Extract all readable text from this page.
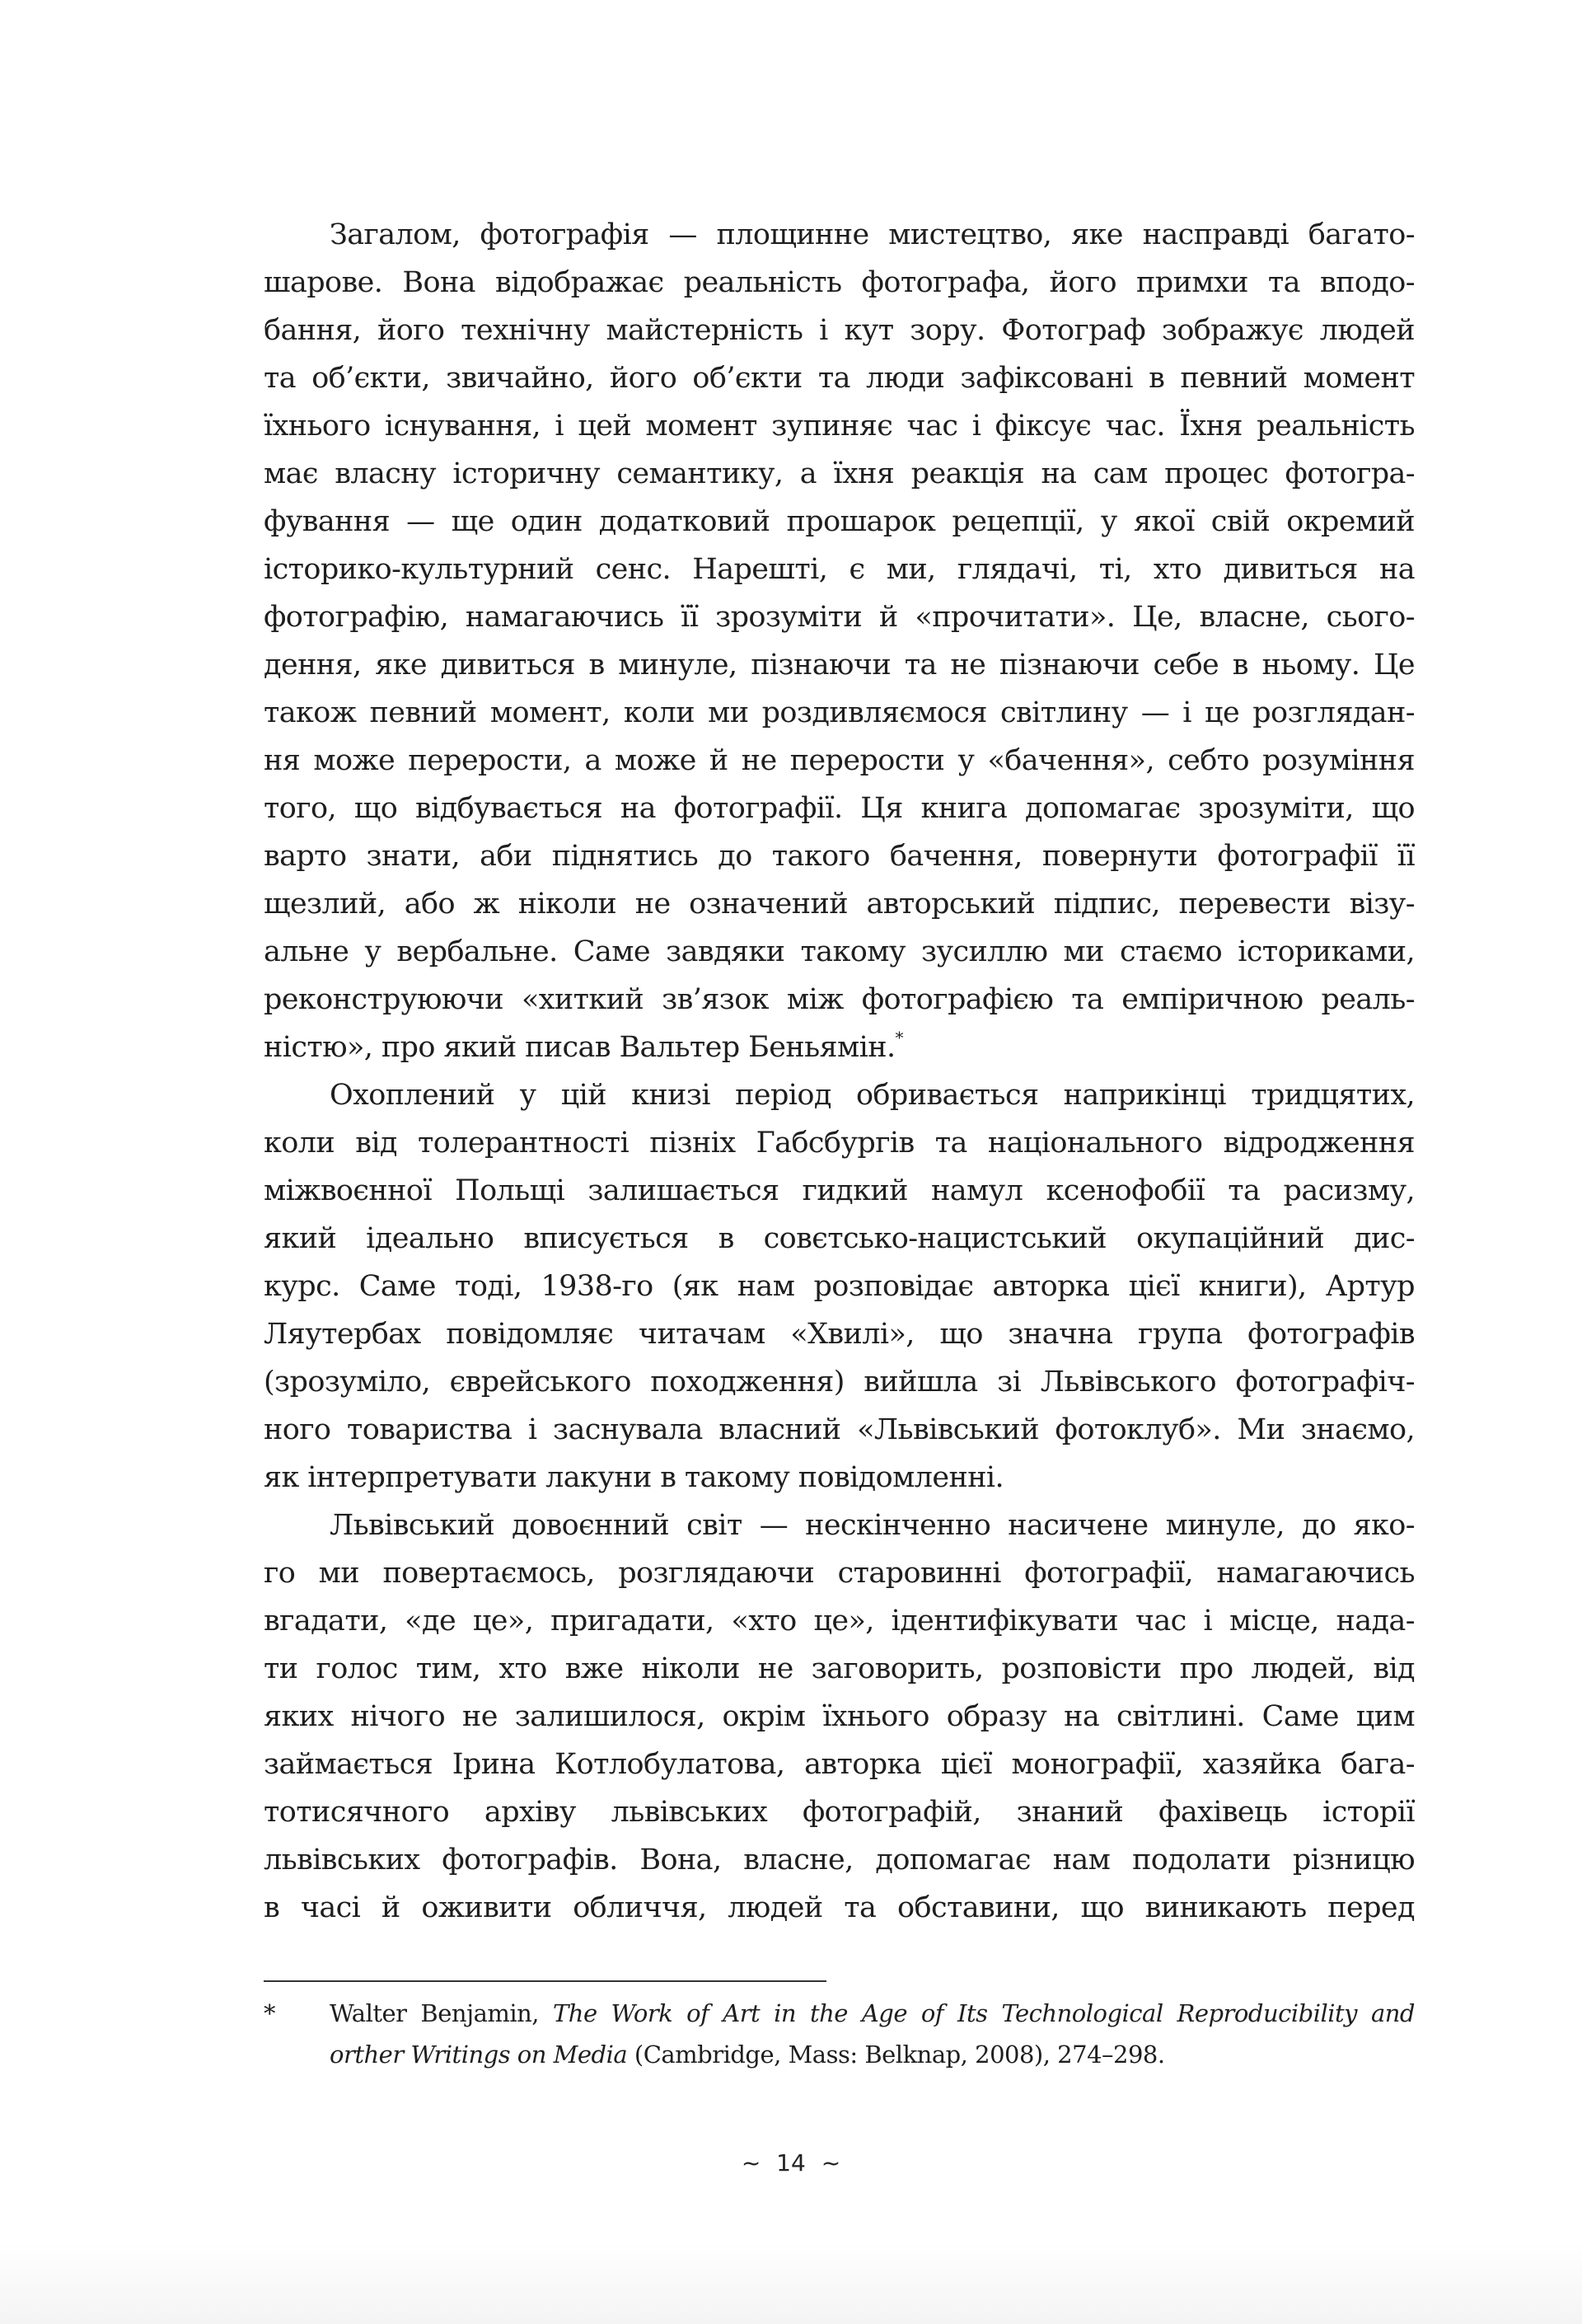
Загалом, фотографія — площинне мистецтво, яке насправді багато-
шарове. Вона відображає реальність фотографа, його примхи та вподо-
бання, його технічну майстерність і кут зору. Фотограф зображує людей
та об’єкти, звичайно, його об’єкти та люди зафіксовані в певний момент
їхнього існування, і цей момент зупиняє час і фіксує час. Їхня реальність
має власну історичну семантику, а їхня реакція на сам процес фотогра-
фування — ще один додатковий прошарок рецепції, у якої свій окремий
історико-культурний сенс. Нарешті, є ми, глядачі, ті, хто дивиться на
фотографію, намагаючись її зрозуміти й «прочитати». Це, власне, сього-
дення, яке дивиться в минуле, пізнаючи та не пізнаючи себе в ньому. Це
також певний момент, коли ми роздивляємося світлину — і це розглядан-
ня може перерости, а може й не перерости у «бачення», себто розуміння
того, що відбувається на фотографії. Ця книга допомагає зрозуміти, що
варто знати, аби піднятись до такого бачення, повернути фотографії її
щезлий, або ж ніколи не означений авторський підпис, перевести візу-
альне у вербальне. Саме завдяки такому зусиллю ми стаємо істориками,
реконструюючи «хиткий зв’язок між фотографією та емпіричною реаль-
ністю», про який писав Вальтер Беньямін.*
Охоплений у цій книзі період обривається наприкінці тридцятих,
коли від толерантності пізніх Габсбургів та національного відродження
міжвоєнної Польщі залишається гидкий намул ксенофобії та расизму,
який ідеально вписується в совєтсько-нацистський окупаційний дис-
курс. Саме тоді, 1938-го (як нам розповідає авторка цієї книги), Артур
Ляутербах повідомляє читачам «Хвилі», що значна група фотографів
(зрозуміло, єврейського походження) вийшла зі Львівського фотографіч-
ного товариства і заснувала власний «Львівський фотоклуб». Ми знаємо,
як інтерпретувати лакуни в такому повідомленні.
Львівський довоєнний світ — нескінченно насичене минуле, до яко-
го ми повертаємось, розглядаючи старовинні фотографії, намагаючись
вгадати, «де це», пригадати, «хто це», ідентифікувати час і місце, нада-
ти голос тим, хто вже ніколи не заговорить, розповісти про людей, від
яких нічого не залишилося, окрім їхнього образу на світлині. Саме цим
займається Ірина Котлобулатова, авторка цієї монографії, хазяйка бага-
тотисячного архіву львівських фотографій, знаний фахівець історії
львівських фотографів. Вона, власне, допомагає нам подолати різницю
в часі й оживити обличчя, людей та обставини, що виникають перед
* Walter Benjamin, The Work of Art in the Age of Its Technological Reproducibility and
orther Writings on Media (Cambridge, Mass: Belknap, 2008), 274–298.
~ 14 ~
